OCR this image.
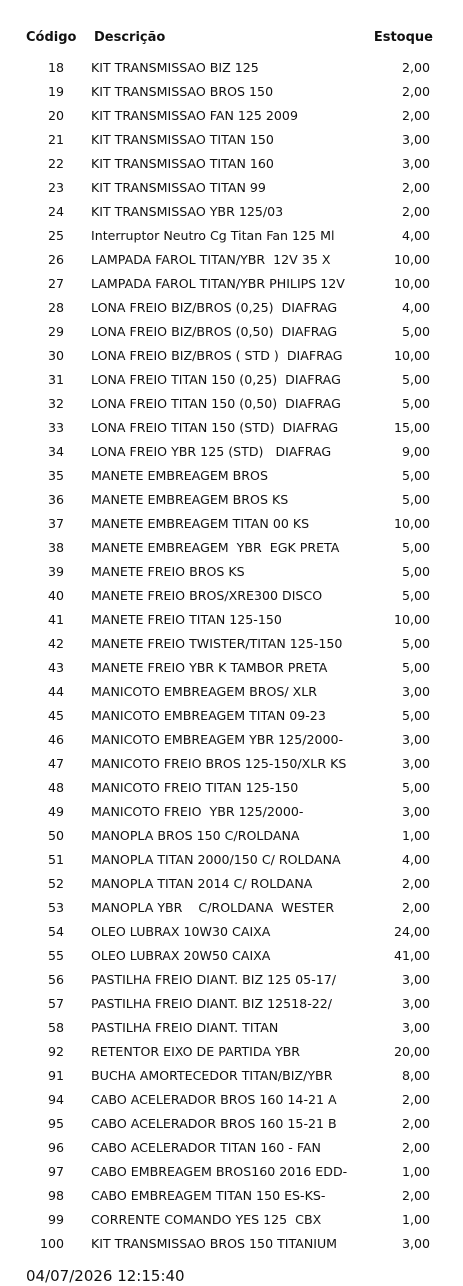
Código Descrição	Estoque
18 KIT TRANSMISSAO BIZ 125	2,00
19 KIT TRANSMISSAO BROS 150	2,00
20 KIT TRANSMISSAO FAN 125 2009	2,00
21 KIT TRANSMISSAO TITAN 150	3,00
22 KIT TRANSMISSAO TITAN 160	3,00
23 KIT TRANSMISSAO TITAN 99	2,00
24 KIT TRANSMISSAO YBR 125/03	2,00
25 Interruptor Neutro Cg Titan Fan 125 Ml	4,00
26 LAMPADA FAROL TITAN/YBR  12V 35 X	10,00
27 LAMPADA FAROL TITAN/YBR PHILIPS 12V	10,00
28 LONA FREIO BIZ/BROS (0,25)  DIAFRAG	4,00
29 LONA FREIO BIZ/BROS (0,50)  DIAFRAG	5,00
30 LONA FREIO BIZ/BROS ( STD )  DIAFRAG	10,00
31 LONA FREIO TITAN 150 (0,25)  DIAFRAG	5,00
32 LONA FREIO TITAN 150 (0,50)  DIAFRAG	5,00
33 LONA FREIO TITAN 150 (STD)  DIAFRAG	15,00
34 LONA FREIO YBR 125 (STD)   DIAFRAG	9,00
35 MANETE EMBREAGEM BROS	5,00
36 MANETE EMBREAGEM BROS KS	5,00
37 MANETE EMBREAGEM TITAN 00 KS	10,00
38 MANETE EMBREAGEM  YBR  EGK PRETA	5,00
39 MANETE FREIO BROS KS	5,00
40 MANETE FREIO BROS/XRE300 DISCO	5,00
41 MANETE FREIO TITAN 125-150	10,00
42 MANETE FREIO TWISTER/TITAN 125-150	5,00
43 MANETE FREIO YBR K TAMBOR PRETA	5,00
44 MANICOTO EMBREAGEM BROS/ XLR	3,00
45 MANICOTO EMBREAGEM TITAN 09-23	5,00
46 MANICOTO EMBREAGEM YBR 125/2000-	3,00
47 MANICOTO FREIO BROS 125-150/XLR KS	3,00
48 MANICOTO FREIO TITAN 125-150	5,00
49 MANICOTO FREIO  YBR 125/2000-	3,00
50 MANOPLA BROS 150 C/ROLDANA	1,00
51 MANOPLA TITAN 2000/150 C/ ROLDANA	4,00
52 MANOPLA TITAN 2014 C/ ROLDANA	2,00
53 MANOPLA YBR    C/ROLDANA  WESTER	2,00
54 OLEO LUBRAX 10W30 CAIXA	24,00
55 OLEO LUBRAX 20W50 CAIXA	41,00
56 PASTILHA FREIO DIANT. BIZ 125 05-17/	3,00
57 PASTILHA FREIO DIANT. BIZ 12518-22/	3,00
58 PASTILHA FREIO DIANT. TITAN	3,00
92 RETENTOR EIXO DE PARTIDA YBR	20,00
91 BUCHA AMORTECEDOR TITAN/BIZ/YBR	8,00
94 CABO ACELERADOR BROS 160 14-21 A	2,00
95 CABO ACELERADOR BROS 160 15-21 B	2,00
96 CABO ACELERADOR TITAN 160 - FAN	2,00
97 CABO EMBREAGEM BROS160 2016 EDD-	1,00
98 CABO EMBREAGEM TITAN 150 ES-KS-	2,00
99 CORRENTE COMANDO YES 125  CBX	1,00
100 KIT TRANSMISSAO BROS 150 TITANIUM	3,00
04/07/2026 12:15:40
